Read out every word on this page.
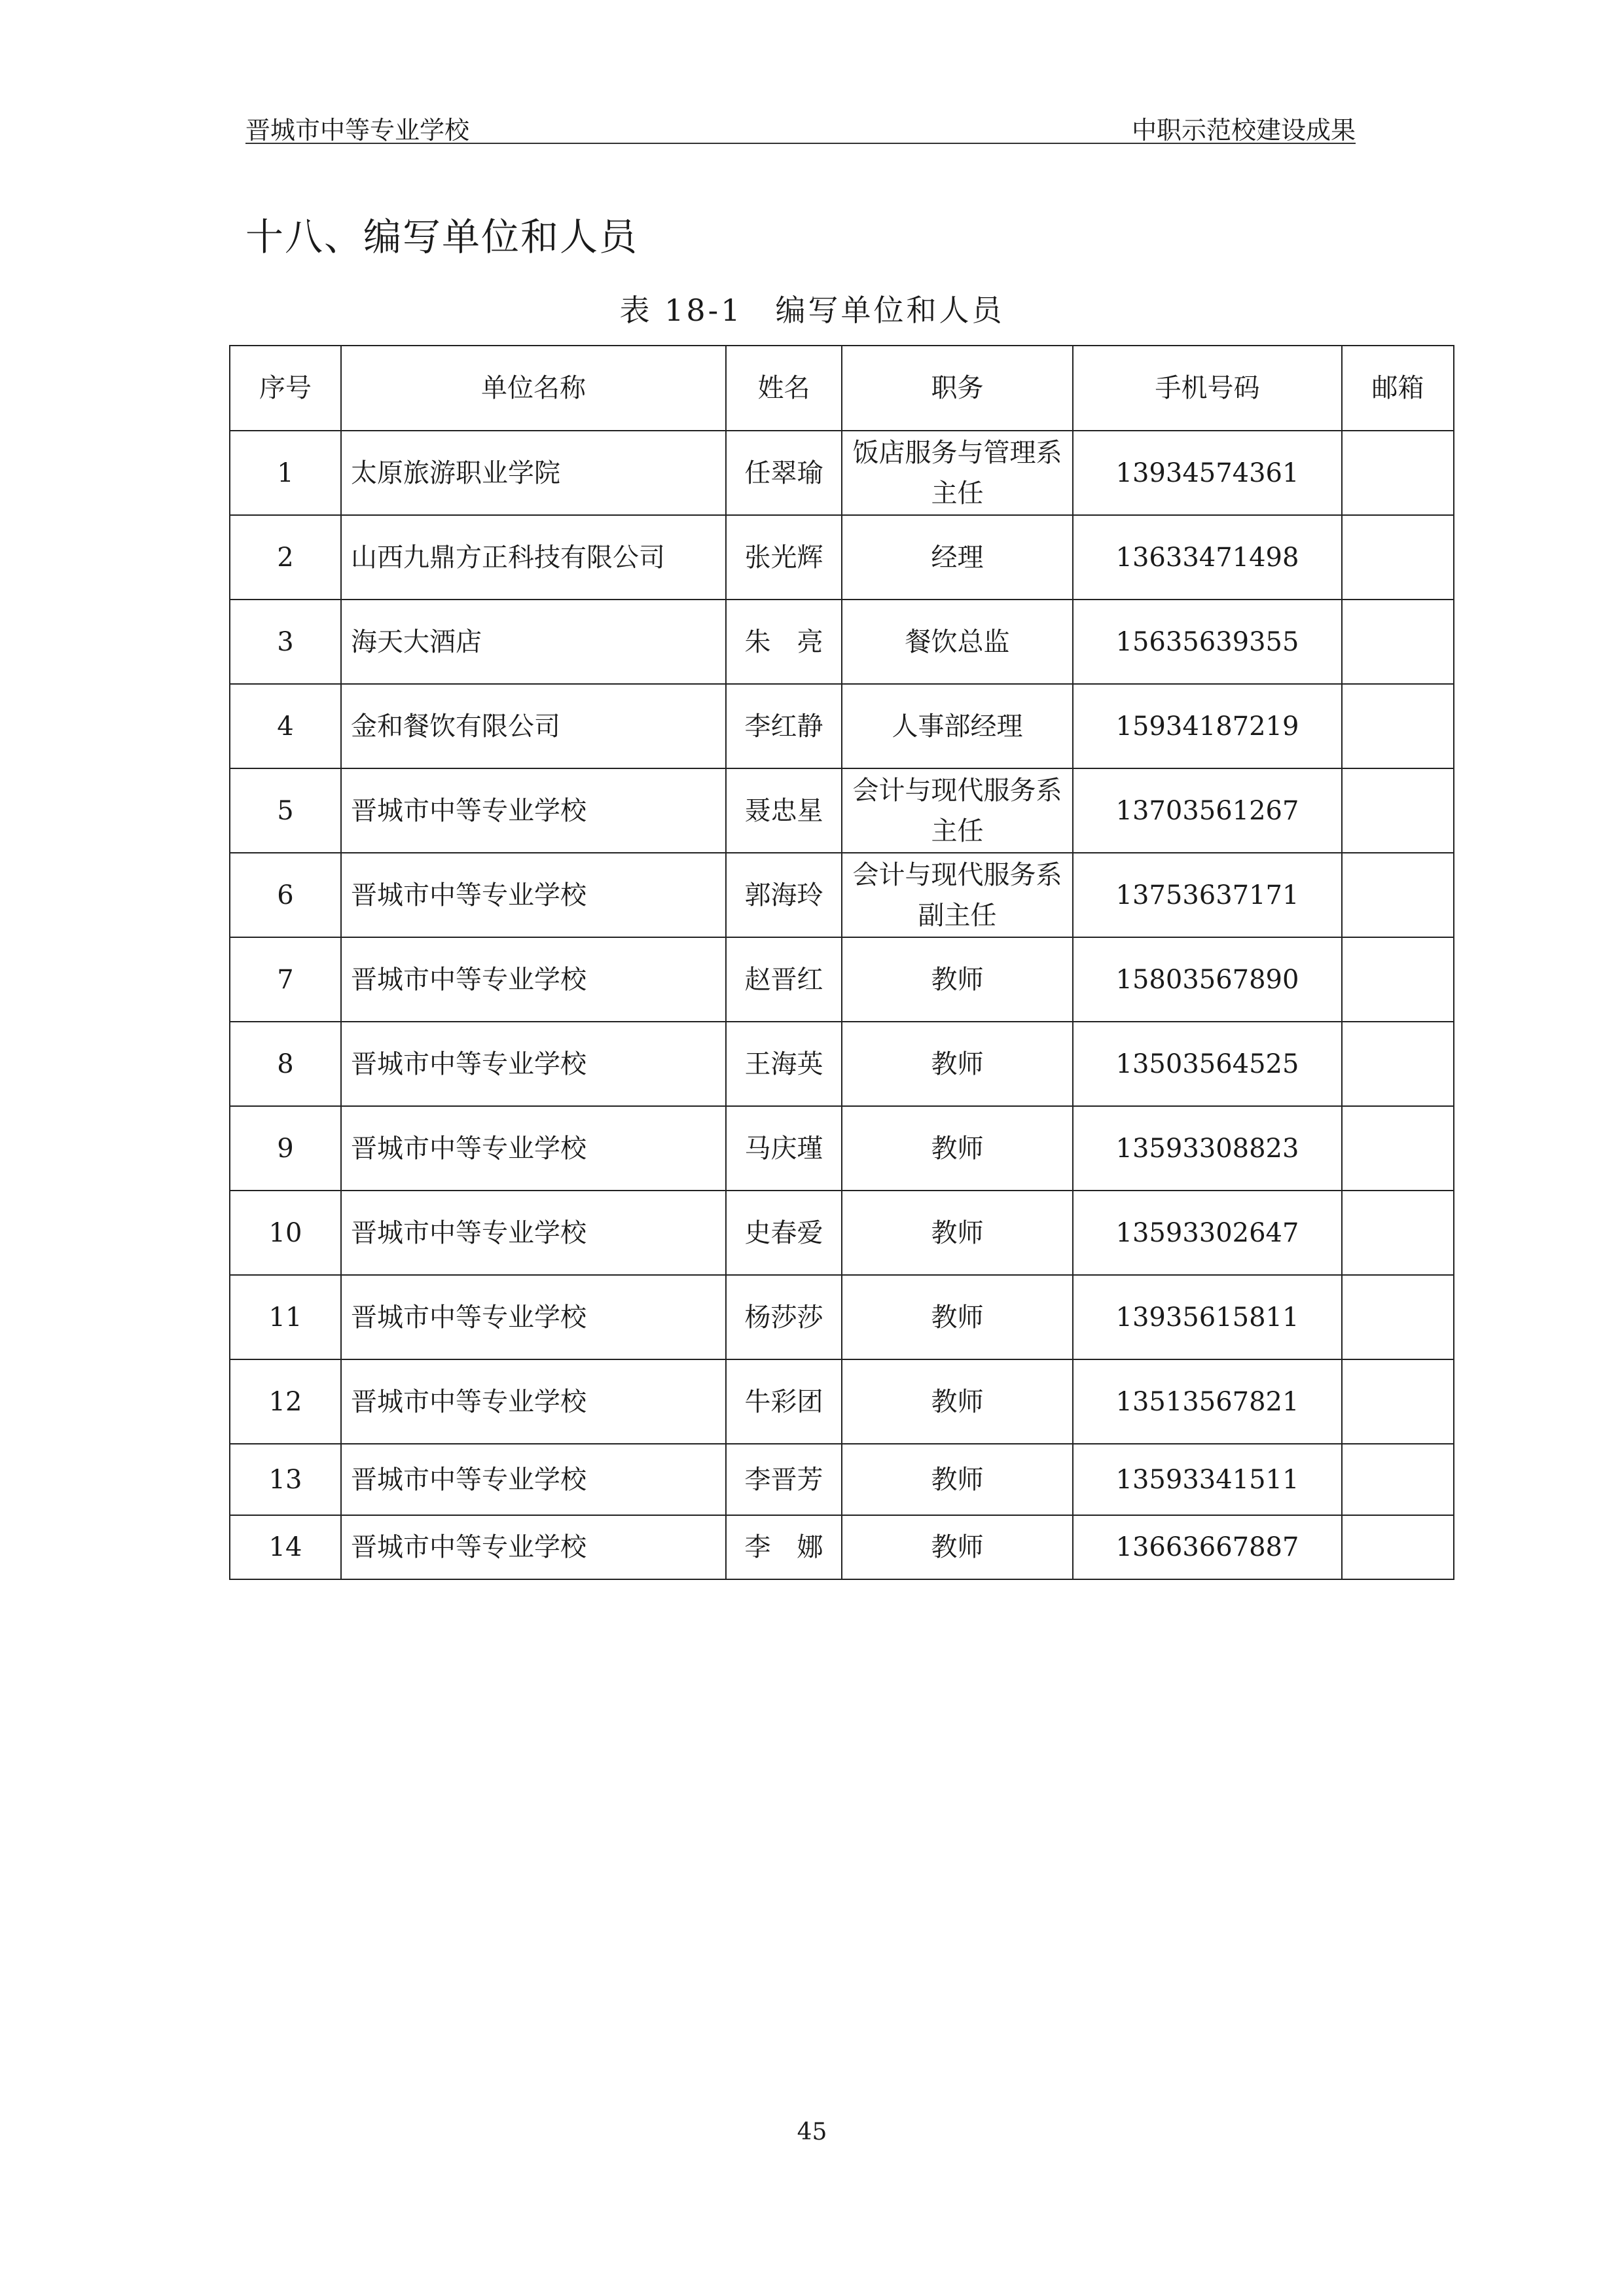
晋城市中等专业学校	中职示范校建设成果
十八、编写单位和人员
表 18-1　编写单位和人员
序号	单位名称	姓名	职务	手机号码	邮箱
1	太原旅游职业学院	任翠瑜	饭店服务与管理系主任	13934574361	
2	山西九鼎方正科技有限公司	张光辉	经理	13633471498	
3	海天大酒店	朱　亮	餐饮总监	15635639355	
4	金和餐饮有限公司	李红静	人事部经理	15934187219	
5	晋城市中等专业学校	聂忠星	会计与现代服务系主任	13703561267	
6	晋城市中等专业学校	郭海玲	会计与现代服务系副主任	13753637171	
7	晋城市中等专业学校	赵晋红	教师	15803567890	
8	晋城市中等专业学校	王海英	教师	13503564525	
9	晋城市中等专业学校	马庆瑾	教师	13593308823	
10	晋城市中等专业学校	史春爱	教师	13593302647	
11	晋城市中等专业学校	杨莎莎	教师	13935615811	
12	晋城市中等专业学校	牛彩团	教师	13513567821	
13	晋城市中等专业学校	李晋芳	教师	13593341511	
14	晋城市中等专业学校	李　娜	教师	13663667887	
45
